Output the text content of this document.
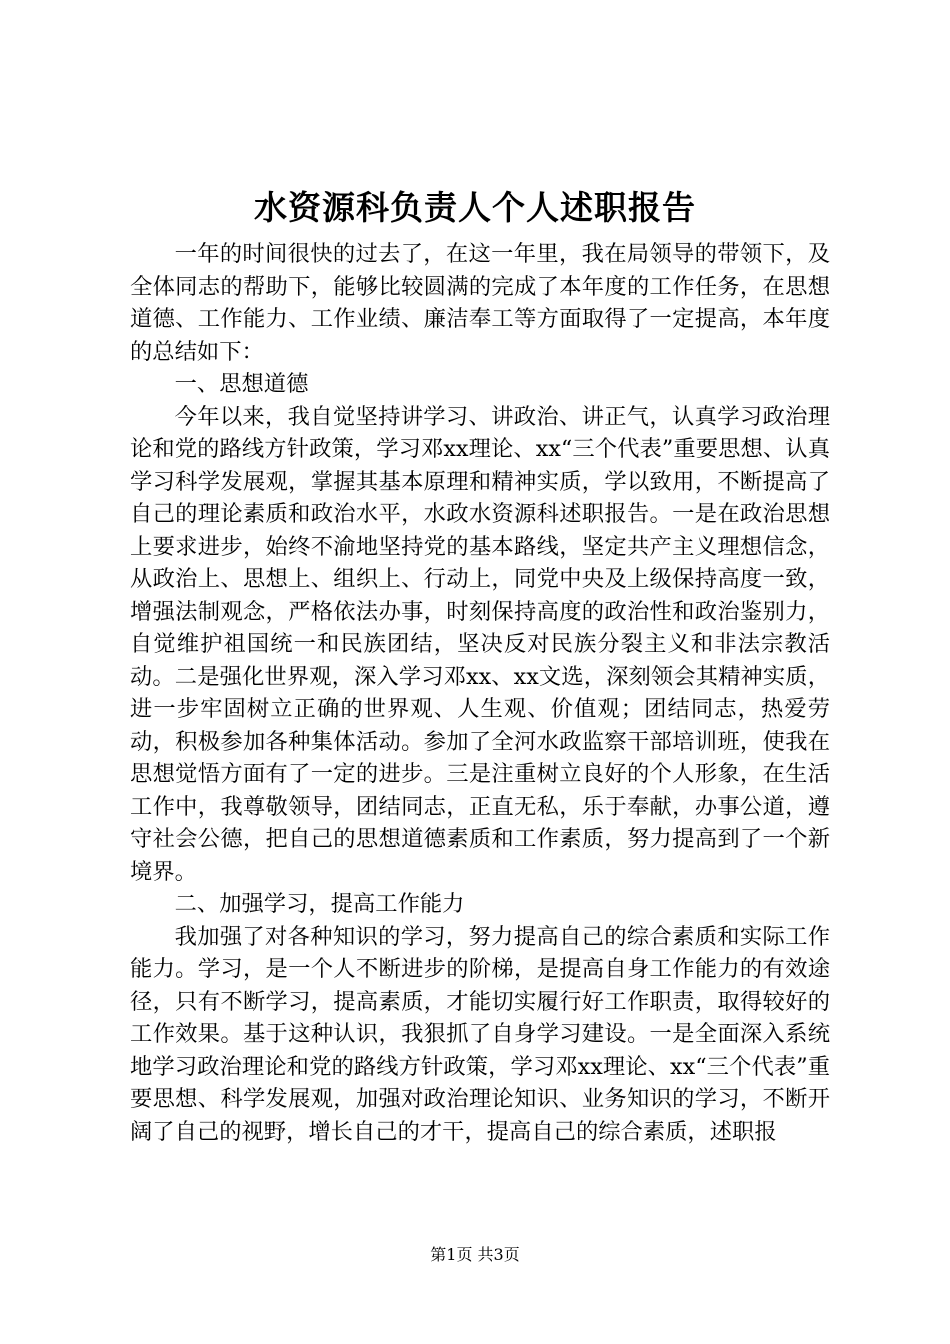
水资源科负责人个人述职报告

一年的时间很快的过去了，在这一年里，我在局领导的带领下，及全体同志的帮助下，能够比较圆满的完成了本年度的工作任务，在思想道德、工作能力、工作业绩、廉洁奉工等方面取得了一定提高，本年度的总结如下：

一、思想道德

今年以来，我自觉坚持讲学习、讲政治、讲正气，认真学习政治理论和党的路线方针政策，学习邓xx理论、xx“三个代表”重要思想、认真学习科学发展观，掌握其基本原理和精神实质，学以致用，不断提高了自己的理论素质和政治水平，水政水资源科述职报告。一是在政治思想上要求进步，始终不渝地坚持党的基本路线，坚定共产主义理想信念，从政治上、思想上、组织上、行动上，同党中央及上级保持高度一致，增强法制观念，严格依法办事，时刻保持高度的政治性和政治鉴别力，自觉维护祖国统一和民族团结，坚决反对民族分裂主义和非法宗教活动。二是强化世界观，深入学习邓xx、xx文选，深刻领会其精神实质，进一步牢固树立正确的世界观、人生观、价值观；团结同志，热爱劳动，积极参加各种集体活动。参加了全河水政监察干部培训班，使我在思想觉悟方面有了一定的进步。三是注重树立良好的个人形象，在生活工作中，我尊敬领导，团结同志，正直无私，乐于奉献，办事公道，遵守社会公德，把自己的思想道德素质和工作素质，努力提高到了一个新境界。

二、加强学习，提高工作能力

我加强了对各种知识的学习，努力提高自己的综合素质和实际工作能力。学习，是一个人不断进步的阶梯，是提高自身工作能力的有效途径，只有不断学习，提高素质，才能切实履行好工作职责，取得较好的工作效果。基于这种认识，我狠抓了自身学习建设。一是全面深入系统地学习政治理论和党的路线方针政策，学习邓xx理论、xx“三个代表”重要思想、科学发展观，加强对政治理论知识、业务知识的学习，不断开阔了自己的视野，增长自己的才干，提高自己的综合素质，述职报

第1页 共3页
